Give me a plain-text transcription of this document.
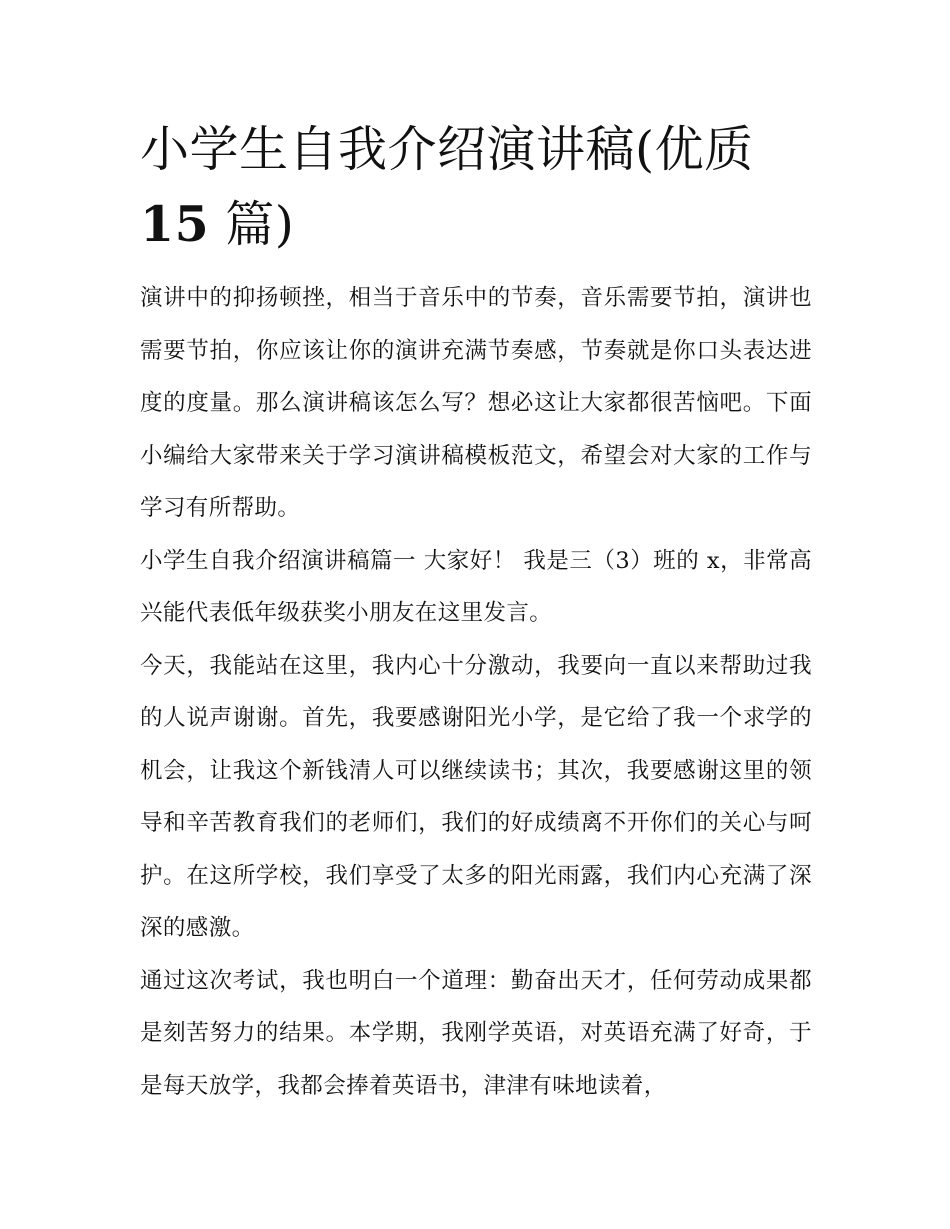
小学生自我介绍演讲稿(优质
15 篇)

演讲中的抑扬顿挫，相当于音乐中的节奏，音乐需要节拍，演讲也需要节拍，你应该让你的演讲充满节奏感，节奏就是你口头表达进度的度量。那么演讲稿该怎么写？想必这让大家都很苦恼吧。下面小编给大家带来关于学习演讲稿模板范文，希望会对大家的工作与学习有所帮助。

小学生自我介绍演讲稿篇一 大家好！ 我是三（3）班的 x，非常高兴能代表低年级获奖小朋友在这里发言。

今天，我能站在这里，我内心十分激动，我要向一直以来帮助过我的人说声谢谢。首先，我要感谢阳光小学，是它给了我一个求学的机会，让我这个新钱清人可以继续读书；其次，我要感谢这里的领导和辛苦教育我们的老师们，我们的好成绩离不开你们的关心与呵护。在这所学校，我们享受了太多的阳光雨露，我们内心充满了深深的感激。

通过这次考试，我也明白一个道理：勤奋出天才，任何劳动成果都是刻苦努力的结果。本学期，我刚学英语，对英语充满了好奇，于是每天放学，我都会捧着英语书，津津有味地读着，
